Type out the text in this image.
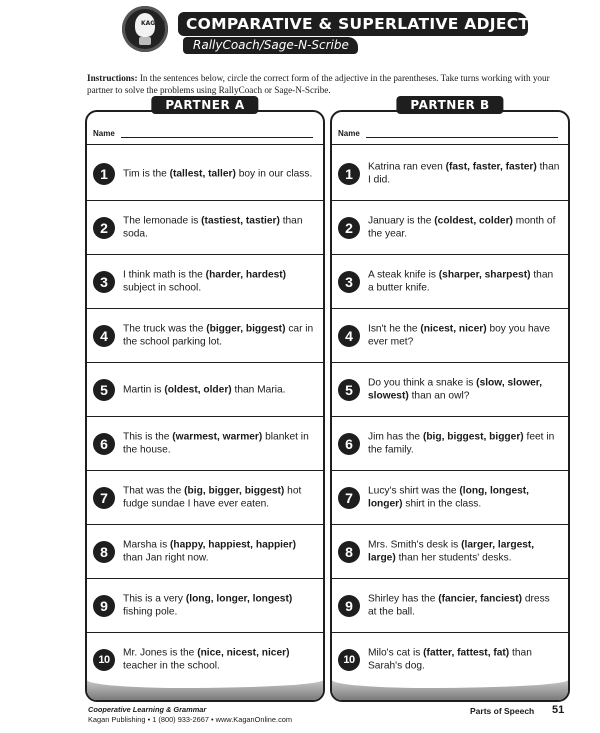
KAGAN	COMPARATIVE & SUPERLATIVE ADJECTIVES
RallyCoach/Sage-N-Scribe
Instructions: In the sentences below, circle the correct form of the adjective in the parentheses. Take turns working with your partner to solve the problems using RallyCoach or Sage-N-Scribe.
PARTNER A
Name
1	Tim is the (tallest, taller) boy in our class.
2	The lemonade is (tastiest, tastier) than soda.
3	I think math is the (harder, hardest) subject in school.
4	The truck was the (bigger, biggest) car in the school parking lot.
5	Martin is (oldest, older) than Maria.
6	This is the (warmest, warmer) blanket in the house.
7	That was the (big, bigger, biggest) hot fudge sundae I have ever eaten.
8	Marsha is (happy, happiest, happier) than Jan right now.
9	This is a very (long, longer, longest) fishing pole.
10
Mr. Jones is the (nice, nicest, nicer) teacher in the school.
PARTNER B
Name
1	Katrina ran even (fast, faster, faster) than I did.
2	January is the (coldest, colder) month of the year.
3	A steak knife is (sharper, sharpest) than a butter knife.
4	Isn't he the (nicest, nicer) boy you have ever met?
5	Do you think a snake is (slow, slower, slowest) than an owl?
6	Jim has the (big, biggest, bigger) feet in the family.
7	Lucy's shirt was the (long, longest, longer) shirt in the class.
8	Mrs. Smith's desk is (larger, largest, large) than her students' desks.
9	Shirley has the (fancier, fanciest) dress at the ball.
10
Milo's cat is (fatter, fattest, fat) than Sarah's dog.
Cooperative Learning & Grammar
Kagan Publishing • 1 (800) 933-2667 • www.KaganOnline.com
Parts of Speech 51
